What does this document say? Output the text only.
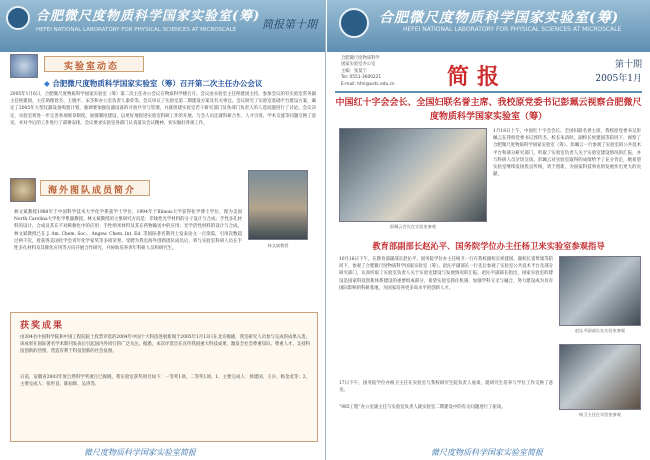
合肥微尺度物质科学国家实验室(筹)
HEFEI NATIONAL LABORATORY FOR PHYSICAL SCIENCES AT MICROSCALE 简报第十期
实验室动态
◆ 合肥微尺度物质科学国家实验室（筹）召开第二次主任办公会议
2005年1月6日，合肥微尺度物质科学国家实验室（筹）第二次主任办公会议在物质科学楼召开。会议由实验室主任侯建国主持，参加会议的有实验室常务副主任侯建国，主任助理曾杰、王晓平、宋杰和办公室负责人秦荣等。会议审议了实验室第二期建设方案及有关事宜。会议研究了实验室基础平台建设方案，确定了2005年大型仪器设备购置计划，强调要加强仪器设备的开放共享与管理，并就组建实验室若干研究部门及各部门负责人的人选问题进行了讨论。会议决定，实验室将进一步完善各项规章制度，加强制度建设，以更好地促进实验室科研工作的开展。与会人员还就科研合作、人才引进、学术交流等问题交换了意见，并对今后的工作进行了部署安排。会议要求实验室各部门认真落实会议精神，切实做好各项工作。
海外图队成员简介
林文斌教授
林文斌教授1988年于中国科学技术大学化学系获学士学位，1994年于Illinois大学获得化学博士学位，现为美国North Carolina大学化学系副教授。林文斌教授的主要研究方向是：非线性光学材料的分子设计与合成；手性多孔材料的设计、合成及其在不对称催化中的应用；手性纳米材料及其在药物输送中的应用；光学活性材料的设计与合成。林文斌教授已在 J. Am. Chem. Soc.、Angew. Chem. Int. Ed. 等国际著名期刊上发表论文一百余篇，引用次数超过两千次，曾获得美国化学会青年化学家奖等多项荣誉。受聘为我室海外创新团队成员后，将与实验室科研人员在手性多孔材料及其催化应用等方向开展合作研究，并协助培养青年科研人员和研究生。
获奖成果
由304名中国科学院和中国工程院院士投票评选的2004年中国十大科技进展新闻于2005年1月13日在北京揭晓，我室研究人员参与完成的成果入选，该成果在国际著名学术期刊发表后引起国内外同行的广泛关注。据悉，本次评选旨在宣传我国重大科技成果，激发全社会尊重知识、尊重人才、支持科技创新的热情，营造有利于科技创新的社会氛围。
日前，安徽省2003年度自然科学奖项目已揭晓，我实验室获奖项目如下：一等奖1项，二等奖1项。1、主要完成人：侯建国、王兵、杨金龙等；2、主要完成人：张世良、陈仙辉、吴涛等。
微尺度物质科学国家实验室简报
合肥微尺度物质科学国家实验室(筹)
HEFEI NATIONAL LABORATORY FOR PHYSICAL SCIENCES AT MICROSCALE
合肥微尺度物质科学
国家实验室办公室
主编：张曼宁
Tel: 0551-3600221
E-mail: hfnl@ustc.edu.cn 简报	第十期
2005年1月
中国红十字会会长、全国妇联名誉主席、我校原党委书记彭珮云视察合肥微尺度物质科学国家实验室（筹）
彭珮云会长在实验室参观
1月18日上午，中国红十字会会长、全国妇联名誉主席、我校原党委书记彭珮云在我校党委书记郭传杰、校长朱清时、副校长侯建国等陪同下，视察了合肥微尺度物质科学国家实验室（筹）。彭珮云一行参观了实验室的公共技术平台和部分研究部门，听取了实验室负责人关于实验室建设情况的汇报，并与科研人员亲切交谈。彭珮云对实验室取得的成绩给予了充分肯定，她希望实验室继续发扬优良传统，勇于创新，为国家科技事业的发展作出更大的贡献。
教育部副部长赵沁平、国务院学位办主任杨卫来实验室参观指导
10月16日下午，在教育部副部长赵沁平、国务院学位办主任杨卫一行在我校副校长侯建国、副校长窦贤康等陪同下，参观了合肥微尺度物质科学国家实验室（筹）。赵沁平副部长一行先后参观了实验室公共技术平台及部分研究部门，认真听取了实验室负责人关于实验室建设与发展情况的汇报。赵沁平副部长指出，国家实验室的建设是国家科技创新体系建设的重要组成部分，希望实验室抓住机遇，加强学科交叉与融合，努力建设成为具有国际影响的科研基地，为国家培养更多高水平的创新人才。
17日下午，国务院学位办杨卫主任在实验室与我校研究生院负责人座谈，就研究生培养与学位工作交换了意见。
“985工程”办公室副主任与实验室负责人就实验室二期建设中的有关问题进行了座谈。
赵沁平副部长在实验室参观
杨卫主任在实验室参观
微尺度物质科学国家实验室简报
